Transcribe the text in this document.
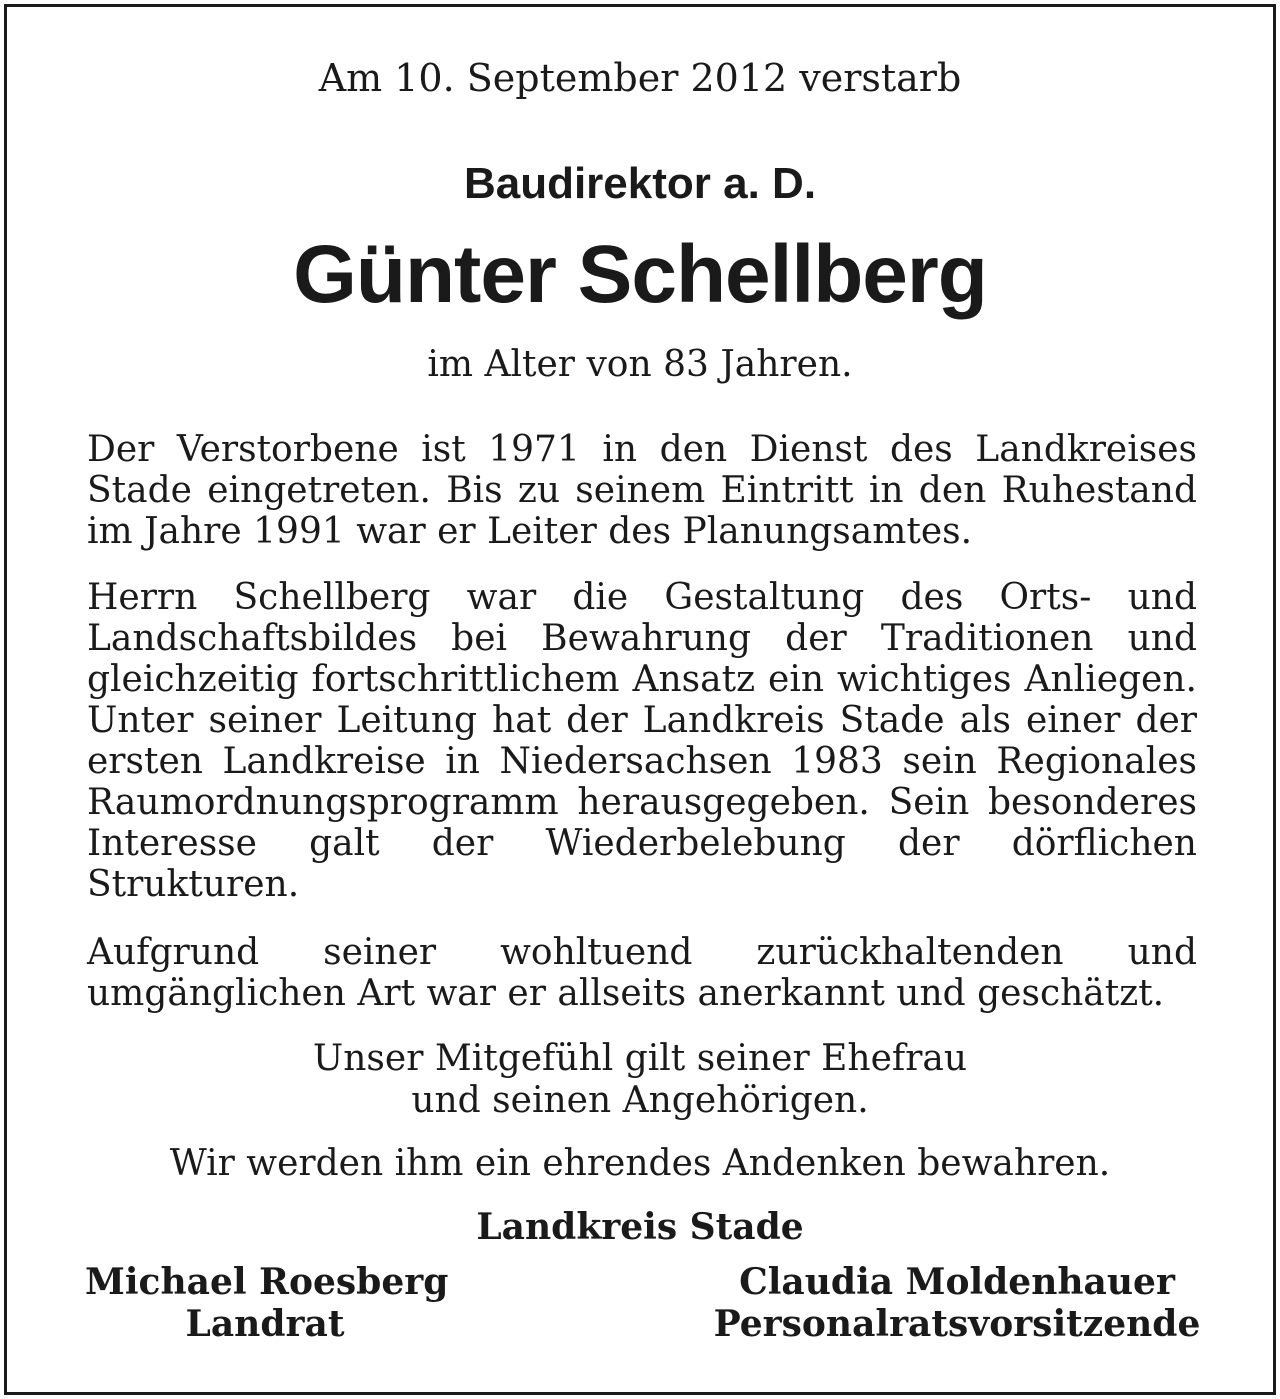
Am 10. September 2012 verstarb
Baudirektor a. D.
Günter Schellberg
im Alter von 83 Jahren.
Der Verstorbene ist 1971 in den Dienst des Landkreises Stade eingetreten. Bis zu seinem Eintritt in den Ruhestand im Jahre 1991 war er Leiter des Planungsamtes.
Herrn Schellberg war die Gestaltung des Orts- und Landschaftsbildes bei Bewahrung der Traditionen und gleichzeitig fortschrittlichem Ansatz ein wichtiges Anliegen. Unter seiner Leitung hat der Landkreis Stade als einer der ersten Landkreise in Niedersachsen 1983 sein Regionales Raumordnungsprogramm herausgegeben. Sein besonderes Interesse galt der Wiederbelebung der dörflichen Strukturen.
Aufgrund seiner wohltuend zurückhaltenden und umgänglichen Art war er allseits anerkannt und geschätzt.
Unser Mitgefühl gilt seiner Ehefrau
und seinen Angehörigen.
Wir werden ihm ein ehrendes Andenken bewahren.
Landkreis Stade
Michael Roesberg
Landrat
Claudia Moldenhauer
Personalratsvorsitzende
